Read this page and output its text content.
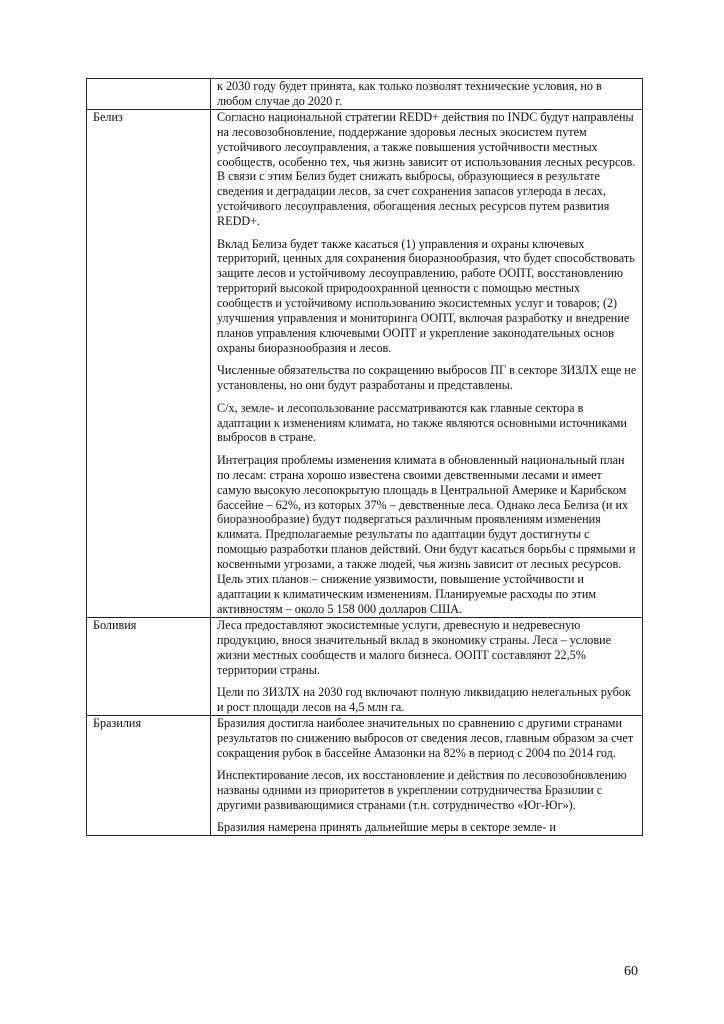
	к 2030 году будет принята, как только позволят технические условия, но в любом случае до 2020 г.

Белиз	Согласно национальной стратегии REDD+ действия по INDC будут направлены на лесовозобновление, поддержание здоровья лесных экосистем путем устойчивого лесоуправления, а также повышения устойчивости местных сообществ, особенно тех, чья жизнь зависит от использования лесных ресурсов. В связи с этим Белиз будет снижать выбросы, образующиеся в результате сведения и деградации лесов, за счет сохранения запасов углерода в лесах, устойчивого лесоуправления, обогащения лесных ресурсов путем развития REDD+.

Вклад Белиза будет также касаться (1) управления и охраны ключевых территорий, ценных для сохранения биоразнообразия, что будет способствовать защите лесов и устойчивому лесоуправлению, работе ООПТ, восстановлению территорий высокой природоохранной ценности с помощью местных сообществ и устойчивому использованию экосистемных услуг и товаров; (2) улучшения управления и мониторинга ООПТ, включая разработку и внедрение планов управления ключевыми ООПТ и укрепление законодательных основ охраны биоразнообразия и лесов.

Численные обязательства по сокращению выбросов ПГ в секторе ЗИЗЛХ еще не установлены, но они будут разработаны и представлены.

С/х, земле- и лесопользование рассматриваются как главные сектора в адаптации к изменениям климата, но также являются основными источниками выбросов в стране.

Интеграция проблемы изменения климата в обновленный национальный план по лесам: страна хорошо известена своими девственными лесами и имеет самую высокую лесопокрытую площадь в Центральной Америке и Карибском бассейне – 62%, из которых 37% – девственные леса. Однако леса Белиза (и их биоразнообразие) будут подвергаться различным проявлениям изменения климата. Предполагаемые результаты по адаптации будут достигнуты с помощью разработки планов действий. Они будут касаться борьбы с прямыми и косвенными угрозами, а также людей, чья жизнь зависит от лесных ресурсов. Цель этих планов – снижение уязвимости, повышение устойчивости и адаптации к климатическим изменениям. Планируемые расходы по этим активностям – около 5 158 000 долларов США.

Боливия	Леса предоставляют экосистемные услуги, древесную и недревесную продукцию, внося значительный вклад в экономику страны. Леса – условие жизни местных сообществ и малого бизнеса. ООПТ составляют 22,5% территории страны.

Цели по ЗИЗЛХ на 2030 год включают полную ликвидацию нелегальных рубок и рост площади лесов на 4,5 млн га.

Бразилия	Бразилия достигла наиболее значительных по сравнению с другими странами результатов по снижению выбросов от сведения лесов, главным образом за счет сокращения рубок в бассейне Амазонки на 82% в период с 2004 по 2014 год.

Инспектирование лесов, их восстановление и действия по лесовозобновлению названы одними из приоритетов в укреплении сотрудничества Бразилии с другими развивающимися странами (т.н. сотрудничество «Юг-Юг»).

Бразилия намерена принять дальнейшие меры в секторе земле- и

60
